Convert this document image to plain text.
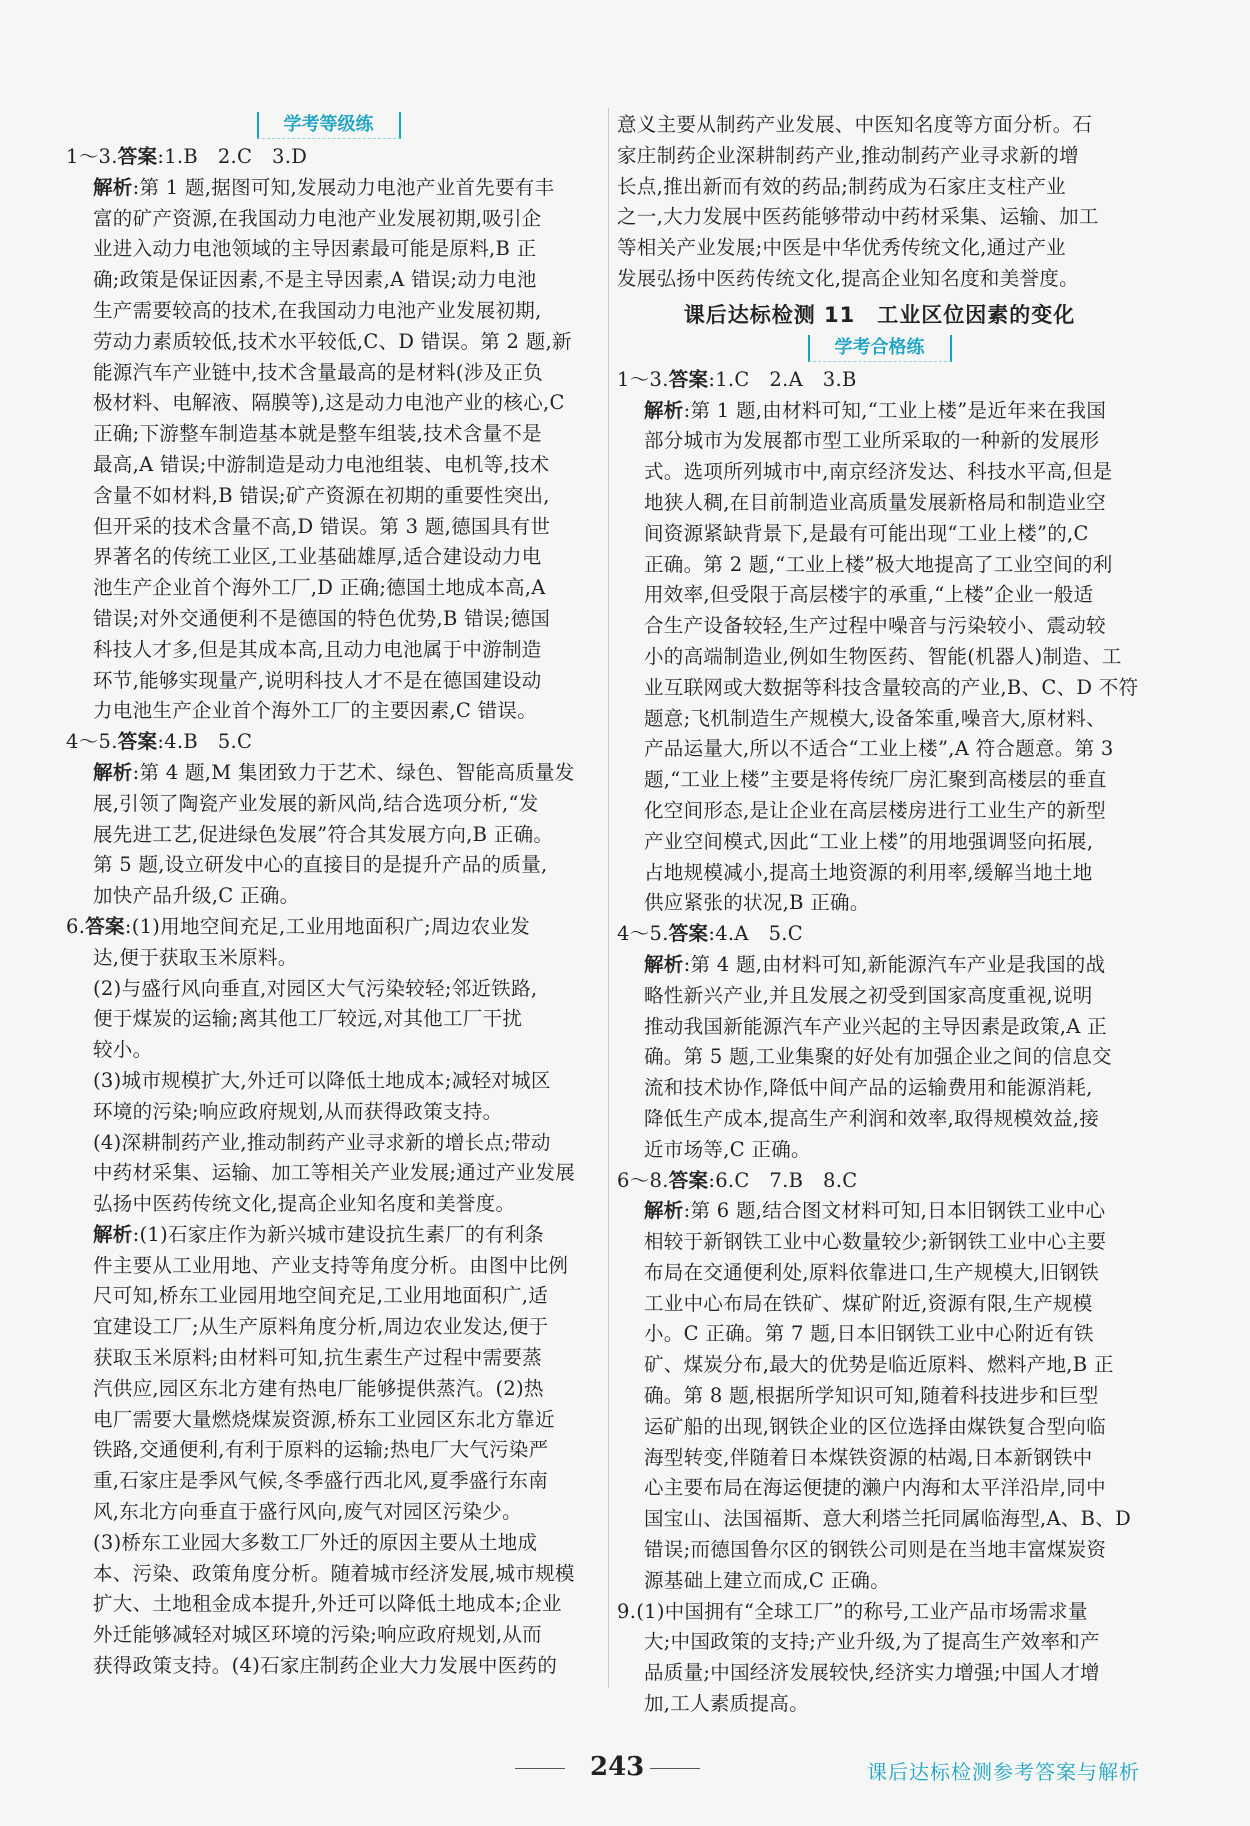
学考等级练
1～3.答案:1.B　2.C　3.D
解析:第 1 题,据图可知,发展动力电池产业首先要有丰
富的矿产资源,在我国动力电池产业发展初期,吸引企
业进入动力电池领域的主导因素最可能是原料,B 正
确;政策是保证因素,不是主导因素,A 错误;动力电池
生产需要较高的技术,在我国动力电池产业发展初期,
劳动力素质较低,技术水平较低,C、D 错误。第 2 题,新
能源汽车产业链中,技术含量最高的是材料(涉及正负
极材料、电解液、隔膜等),这是动力电池产业的核心,C
正确;下游整车制造基本就是整车组装,技术含量不是
最高,A 错误;中游制造是动力电池组装、电机等,技术
含量不如材料,B 错误;矿产资源在初期的重要性突出,
但开采的技术含量不高,D 错误。第 3 题,德国具有世
界著名的传统工业区,工业基础雄厚,适合建设动力电
池生产企业首个海外工厂,D 正确;德国土地成本高,A
错误;对外交通便利不是德国的特色优势,B 错误;德国
科技人才多,但是其成本高,且动力电池属于中游制造
环节,能够实现量产,说明科技人才不是在德国建设动
力电池生产企业首个海外工厂的主要因素,C 错误。
4～5.答案:4.B　5.C
解析:第 4 题,M 集团致力于艺术、绿色、智能高质量发
展,引领了陶瓷产业发展的新风尚,结合选项分析,“发
展先进工艺,促进绿色发展”符合其发展方向,B 正确。
第 5 题,设立研发中心的直接目的是提升产品的质量,
加快产品升级,C 正确。
6.答案:(1)用地空间充足,工业用地面积广;周边农业发
达,便于获取玉米原料。
(2)与盛行风向垂直,对园区大气污染较轻;邻近铁路,
便于煤炭的运输;离其他工厂较远,对其他工厂干扰
较小。
(3)城市规模扩大,外迁可以降低土地成本;减轻对城区
环境的污染;响应政府规划,从而获得政策支持。
(4)深耕制药产业,推动制药产业寻求新的增长点;带动
中药材采集、运输、加工等相关产业发展;通过产业发展
弘扬中医药传统文化,提高企业知名度和美誉度。
解析:(1)石家庄作为新兴城市建设抗生素厂的有利条
件主要从工业用地、产业支持等角度分析。由图中比例
尺可知,桥东工业园用地空间充足,工业用地面积广,适
宜建设工厂;从生产原料角度分析,周边农业发达,便于
获取玉米原料;由材料可知,抗生素生产过程中需要蒸
汽供应,园区东北方建有热电厂能够提供蒸汽。(2)热
电厂需要大量燃烧煤炭资源,桥东工业园区东北方靠近
铁路,交通便利,有利于原料的运输;热电厂大气污染严
重,石家庄是季风气候,冬季盛行西北风,夏季盛行东南
风,东北方向垂直于盛行风向,废气对园区污染少。
(3)桥东工业园大多数工厂外迁的原因主要从土地成
本、污染、政策角度分析。随着城市经济发展,城市规模
扩大、土地租金成本提升,外迁可以降低土地成本;企业
外迁能够减轻对城区环境的污染;响应政府规划,从而
获得政策支持。(4)石家庄制药企业大力发展中医药的
意义主要从制药产业发展、中医知名度等方面分析。石
家庄制药企业深耕制药产业,推动制药产业寻求新的增
长点,推出新而有效的药品;制药成为石家庄支柱产业
之一,大力发展中医药能够带动中药材采集、运输、加工
等相关产业发展;中医是中华优秀传统文化,通过产业
发展弘扬中医药传统文化,提高企业知名度和美誉度。
课后达标检测 11　工业区位因素的变化
学考合格练
1～3.答案:1.C　2.A　3.B
解析:第 1 题,由材料可知,“工业上楼”是近年来在我国
部分城市为发展都市型工业所采取的一种新的发展形
式。选项所列城市中,南京经济发达、科技水平高,但是
地狭人稠,在目前制造业高质量发展新格局和制造业空
间资源紧缺背景下,是最有可能出现“工业上楼”的,C
正确。第 2 题,“工业上楼”极大地提高了工业空间的利
用效率,但受限于高层楼宇的承重,“上楼”企业一般适
合生产设备较轻,生产过程中噪音与污染较小、震动较
小的高端制造业,例如生物医药、智能(机器人)制造、工
业互联网或大数据等科技含量较高的产业,B、C、D 不符
题意;飞机制造生产规模大,设备笨重,噪音大,原材料、
产品运量大,所以不适合“工业上楼”,A 符合题意。第 3
题,“工业上楼”主要是将传统厂房汇聚到高楼层的垂直
化空间形态,是让企业在高层楼房进行工业生产的新型
产业空间模式,因此“工业上楼”的用地强调竖向拓展,
占地规模减小,提高土地资源的利用率,缓解当地土地
供应紧张的状况,B 正确。
4～5.答案:4.A　5.C
解析:第 4 题,由材料可知,新能源汽车产业是我国的战
略性新兴产业,并且发展之初受到国家高度重视,说明
推动我国新能源汽车产业兴起的主导因素是政策,A 正
确。第 5 题,工业集聚的好处有加强企业之间的信息交
流和技术协作,降低中间产品的运输费用和能源消耗,
降低生产成本,提高生产利润和效率,取得规模效益,接
近市场等,C 正确。
6～8.答案:6.C　7.B　8.C
解析:第 6 题,结合图文材料可知,日本旧钢铁工业中心
相较于新钢铁工业中心数量较少;新钢铁工业中心主要
布局在交通便利处,原料依靠进口,生产规模大,旧钢铁
工业中心布局在铁矿、煤矿附近,资源有限,生产规模
小。C 正确。第 7 题,日本旧钢铁工业中心附近有铁
矿、煤炭分布,最大的优势是临近原料、燃料产地,B 正
确。第 8 题,根据所学知识可知,随着科技进步和巨型
运矿船的出现,钢铁企业的区位选择由煤铁复合型向临
海型转变,伴随着日本煤铁资源的枯竭,日本新钢铁中
心主要布局在海运便捷的濑户内海和太平洋沿岸,同中
国宝山、法国福斯、意大利塔兰托同属临海型,A、B、D
错误;而德国鲁尔区的钢铁公司则是在当地丰富煤炭资
源基础上建立而成,C 正确。
9.(1)中国拥有“全球工厂”的称号,工业产品市场需求量
大;中国政策的支持;产业升级,为了提高生产效率和产
品质量;中国经济发展较快,经济实力增强;中国人才增
加,工人素质提高。
243	课后达标检测参考答案与解析
